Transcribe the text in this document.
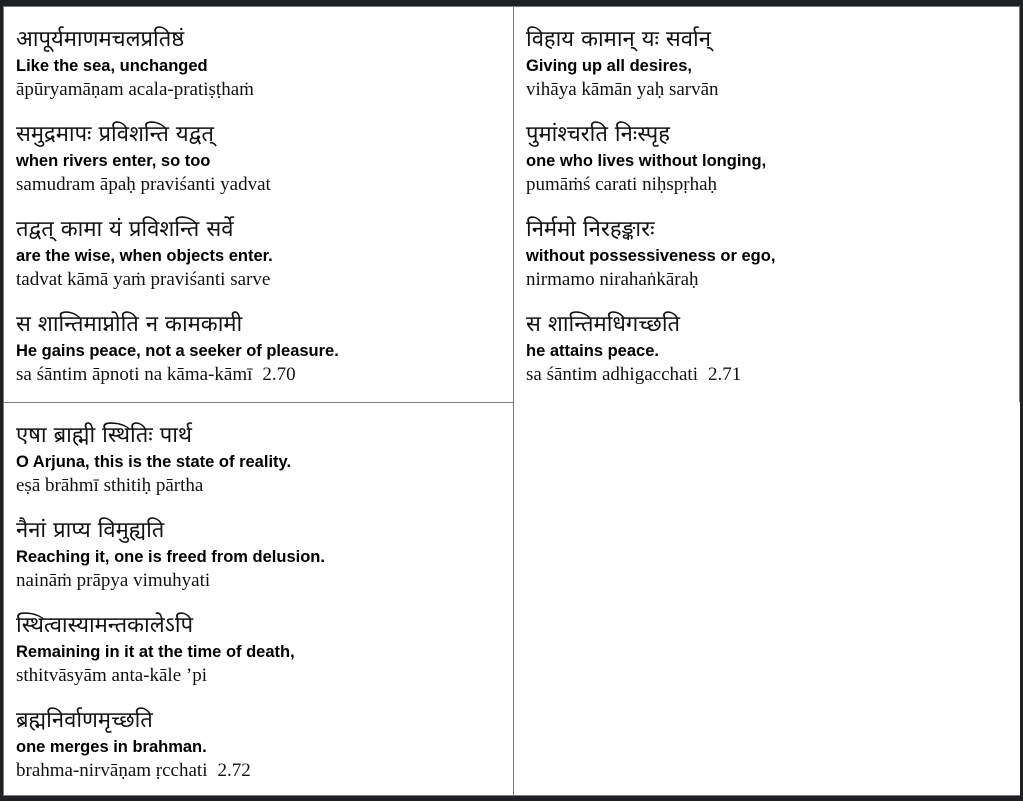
आपूर्यमाणमचलप्रतिष्ठं
Like the sea, unchanged
āpūryamāṇam acala-pratiṣṭhaṁ
समुद्रमापः प्रविशन्ति यद्वत्
when rivers enter, so too
samudram āpaḥ praviśanti yadvat
तद्वत् कामा यं प्रविशन्ति सर्वे
are the wise, when objects enter.
tadvat kāmā yaṁ praviśanti sarve
स शान्तिमाप्नोति न कामकामी
He gains peace, not a seeker of pleasure.
sa śāntim āpnoti na kāma-kāmī 2.70
विहाय कामान् यः सर्वान्
Giving up all desires,
vihāya kāmān yaḥ sarvān
पुमांश्चरति निःस्पृह
one who lives without longing,
pumāṁś carati niḥspṛhaḥ
निर्ममो निरहङ्कारः
without possessiveness or ego,
nirmamo nirahaṅkāraḥ
स शान्तिमधिगच्छति
he attains peace.
sa śāntim adhigacchati 2.71
एषा ब्राह्मी स्थितिः पार्थ
O Arjuna, this is the state of reality.
eṣā brāhmī sthitiḥ pārtha
नैनां प्राप्य विमुह्यति
Reaching it, one is freed from delusion.
naināṁ prāpya vimuhyati
स्थित्वास्यामन्तकालेऽपि
Remaining in it at the time of death,
sthitvāsyām anta-kāle ’pi
ब्रह्मनिर्वाणमृच्छति
one merges in brahman.
brahma-nirvāṇam ṛcchati 2.72
